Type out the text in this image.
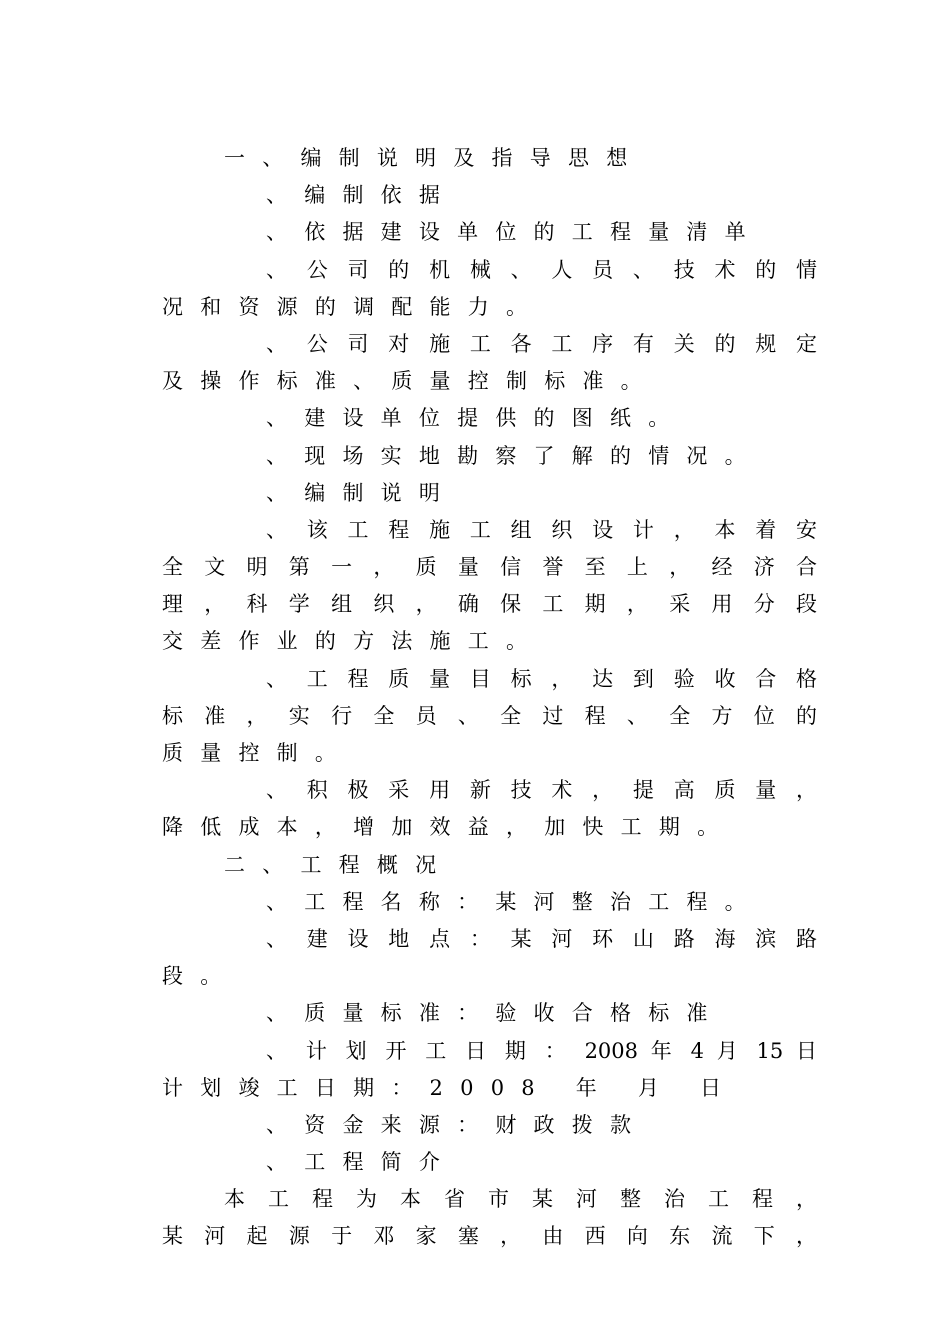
一、编制说明及指导思想
、编制依据
、依据建设单位的工程量清单
、 公 司 的 机 械 、 人 员 、 技 术 的 情
况和资源的调配能力。
、 公 司 对 施 工 各 工 序 有 关 的 规 定
及操作标准、质量控制标准。
、建设单位提供的图纸。
、现场实地勘察了解的情况。
、编制说明
、 该 工 程 施 工 组 织 设 计 ， 本 着 安
全 文 明 第 一 ， 质 量 信 誉 至 上 ， 经 济 合
理 ， 科 学 组 织 ， 确 保 工 期 ， 采 用 分 段
交差作业的方法施工。
、 工 程 质 量 目 标 ， 达 到 验 收 合 格
标 准 ， 实 行 全 员 、 全 过 程 、 全 方 位 的
质量控制。
、 积 极 采 用 新 技 术 ， 提 高 质 量 ，
降低成本，增加效益，加快工期。
二、工程概况
、工程名称：某河整治工程。
、 建 设 地 点 ： 某 河 环 山 路 海 滨 路
段。
、质量标准：验收合格标准
、 计 划 开 工 日 期 ： 2008 年 4 月 15 日
计划竣工日期：2008 年 月 日
、资金来源：财政拨款
、工程简介
本 工 程 为 本 省 市 某 河 整 治 工 程 ，
某 河 起 源 于 邓 家 塞 ， 由 西 向 东 流 下 ，
